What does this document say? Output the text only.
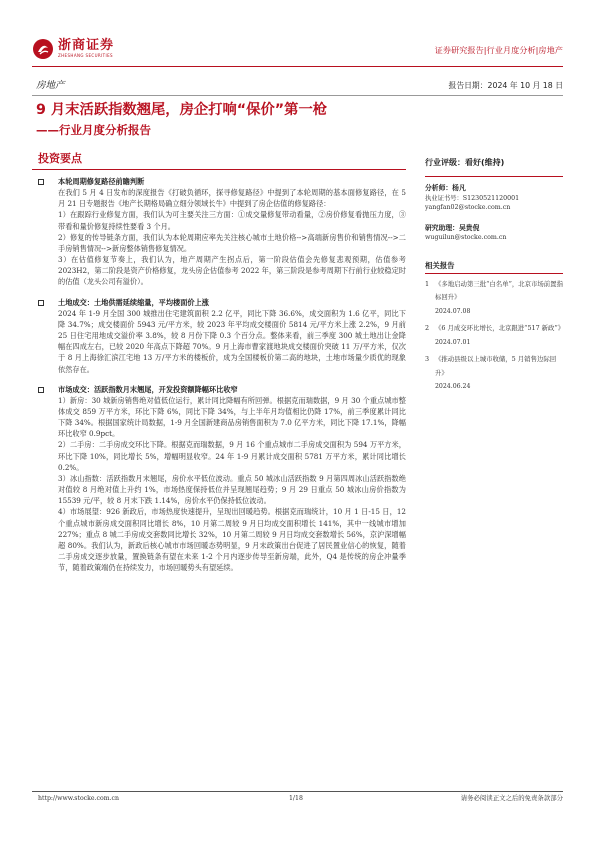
浙商证券
ZHESHANG SECURITIES
证券研究报告|行业月度分析|房地产
房地产	报告日期：2024 年 10 月 18 日
9 月末活跃指数翘尾，房企打响“保价”第一枪
——行业月度分析报告
投资要点
本轮周期修复路径前瞻判断
在我们 5 月 4 日发布的深度报告《打破负循环，探寻修复路径》中提到了本轮周期的基本面修复路径，在 5 月 21 日专题报告《地产长期格局确立细分领域长牛》中提到了房企估值的修复路径：
1）在跟踪行业修复方面，我们认为可主要关注三方面：①成交量修复带动看量，②房价修复看抛压力度，③带看和量价修复持续性要看 3 个月。
2）修复的传导链条方面，我们认为本轮周期应率先关注核心城市土地价格-->高端新房售价和销售情况-->二手房销售情况-->新房整体销售修复情况。
3）在估值修复节奏上，我们认为，地产周期产生拐点后，第一阶段估值会先修复悲观预期，估值参考 2023H2，第二阶段是资产价格修复，龙头房企估值参考 2022 年，第三阶段是参考周期下行前行业较稳定时的估值（龙头公司有溢价）。
土地成交：土地供需延续缩量，平均楼面价上涨
2024 年 1-9 月全国 300 城推出住宅建筑面积 2.2 亿平，同比下降 36.6%，成交面积为 1.6 亿平，同比下降 34.7%；成交楼面价 5943 元/平方米，较 2023 年平均成交楼面价 5814 元/平方米上涨 2.2%，9 月前 25 日住宅用地成交溢价率 3.8%，较 8 月份下降 0.3 个百分点。整体来看，前三季度 300 城土地出让金降幅在四成左右，已较 2020 年高点下降超 70%。9 月上海市曹家渡地块成交楼面价突破 11 万/平方米，仅次于 8 月上海徐汇滨江宅地 13 万/平方米的楼板价，成为全国楼板价第二高的地块，土地市场量少质优的现象依然存在。
市场成交：活跃指数月末翘尾，开发投资额降幅环比收窄
1）新房：30 城新房销售绝对值低位运行，累计同比降幅有所回弹。根据克而瑞数据，9 月 30 个重点城市整体成交 859 万平方米，环比下降 6%，同比下降 34%，与上半年月均值相比仍降 17%，前三季度累计同比下降 34%。根据国家统计局数据，1-9 月全国新建商品房销售面积为 7.0 亿平方米，同比下降 17.1%，降幅环比收窄 0.9pct。
2）二手房：二手房成交环比下降。根据克而瑞数据，9 月 16 个重点城市二手房成交面积为 594 万平方米，环比下降 10%，同比增长 5%，增幅明显收窄。24 年 1-9 月累计成交面积 5781 万平方米，累计同比增长 0.2%。
3）冰山指数：活跃指数月末翘尾，房价水平低位波动。重点 50 城冰山活跃指数 9 月第四周冰山活跃指数绝对值较 8 月绝对值上升约 1%，市场热度保持低位并呈现翘尾趋势；9 月 29 日重点 50 城冰山房价指数为 15539 元/平，较 8 月末下跌 1.14%，房价水平仍保持低位波动。
4）市场展望：926 新政后，市场热度快速提升，呈现出回暖趋势。根据克而瑞统计，10 月 1 日-15 日，12 个重点城市新房成交面积同比增长 8%，10 月第二周较 9 月日均成交面积增长 141%，其中一线城市增加 227%；重点 8 城二手房成交套数同比增长 32%，10 月第二周较 9 月日均成交套数增长 56%，京沪深增幅超 80%。我们认为，新政后核心城市市场回暖态势明显，9 月末政策出台促进了居民置业信心的恢复，随着二手房成交逐步放量，置换链条有望在未来 1-2 个月内逐步传导至新房端，此外，Q4 是传统的房企冲量季节，随着政策端仍在持续发力，市场回暖势头有望延续。
行业评级：看好(维持)
分析师：杨凡
执业证书号：S1230521120001
yangfan02@stocke.com.cn
研究助理：吴贵倪
wuguilun@stocke.com.cn
相关报告
1 《多地启动第三批“白名单”，北京市场前置指标回升》
2024.07.08
2 《6 月成交环比增长，北京跟进“517 新政”》
2024.07.01
3 《推动县级以上城市收储，5 月销售边际回升》
2024.06.24
http://www.stocke.com.cn	1/18	请务必阅读正文之后的免责条款部分
